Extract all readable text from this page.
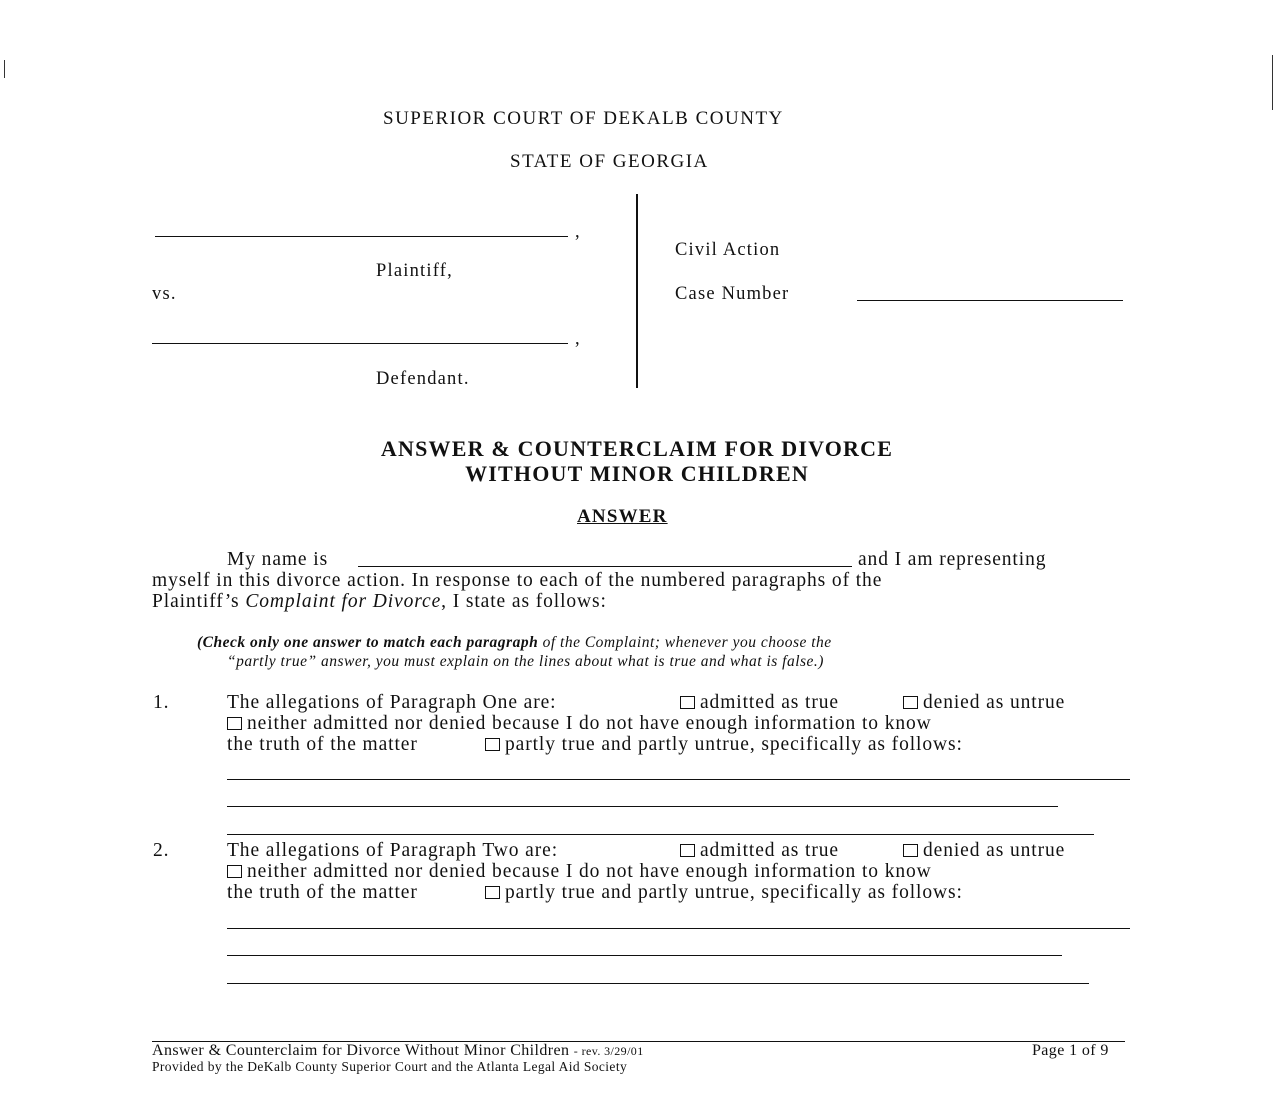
SUPERIOR COURT OF DEKALB COUNTY
STATE OF GEORGIA
,
Plaintiff,
vs.
,
Defendant.
Civil Action
Case Number
ANSWER & COUNTERCLAIM FOR DIVORCE
WITHOUT MINOR CHILDREN
ANSWER
My name is	and I am representing
myself in this divorce action. In response to each of the numbered paragraphs of the
Plaintiff’s Complaint for Divorce, I state as follows:
(Check only one answer to match each paragraph of the Complaint; whenever you choose the
“partly true” answer, you must explain on the lines about what is true and what is false.)
1.	The allegations of Paragraph One are:	admitted as true	denied as untrue
neither admitted nor denied because I do not have enough information to know
the truth of the matter	partly true and partly untrue, specifically as follows:
2.	The allegations of Paragraph Two are:	admitted as true	denied as untrue
neither admitted nor denied because I do not have enough information to know
the truth of the matter	partly true and partly untrue, specifically as follows:
Answer & Counterclaim for Divorce Without Minor Children - rev. 3/29/01	Page 1 of 9
Provided by the DeKalb County Superior Court and the Atlanta Legal Aid Society
